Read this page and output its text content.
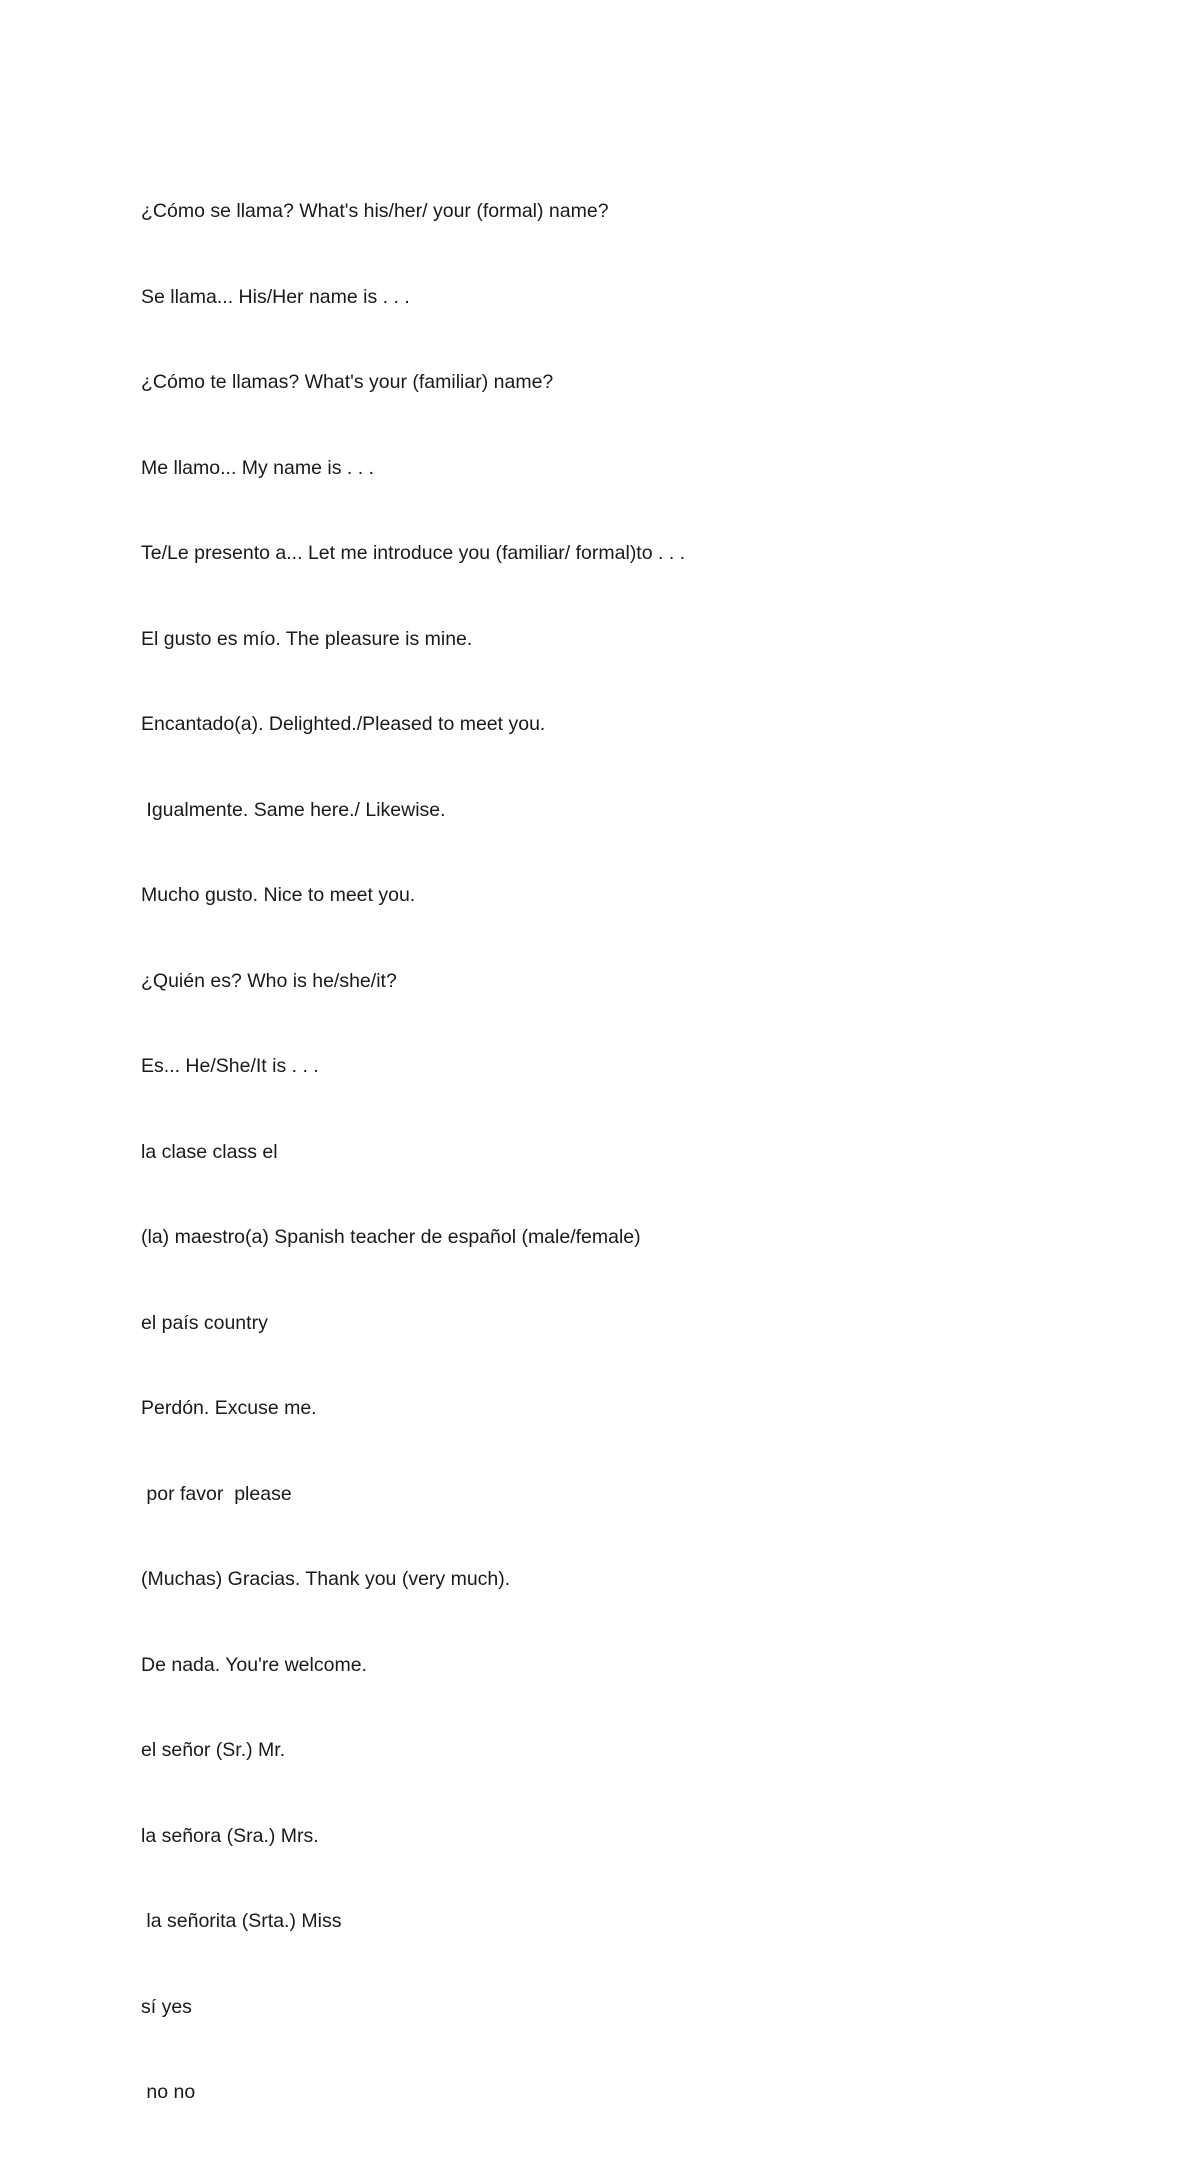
¿Cómo se llama? What's his/her/ your (formal) name?

Se llama... His/Her name is . . .

¿Cómo te llamas? What's your (familiar) name?

Me llamo... My name is . . .

Te/Le presento a... Let me introduce you (familiar/ formal)to . . .

El gusto es mío. The pleasure is mine.

Encantado(a). Delighted./Pleased to meet you.

Igualmente. Same here./ Likewise.

Mucho gusto. Nice to meet you.

¿Quién es? Who is he/she/it?

Es... He/She/It is . . .

la clase class el

(la) maestro(a) Spanish teacher de español (male/female)

el país country

Perdón. Excuse me.

por favor  please

(Muchas) Gracias. Thank you (very much).

De nada. You're welcome.

el señor (Sr.) Mr.

la señora (Sra.) Mrs.

la señorita (Srta.) Miss

sí yes

no no
